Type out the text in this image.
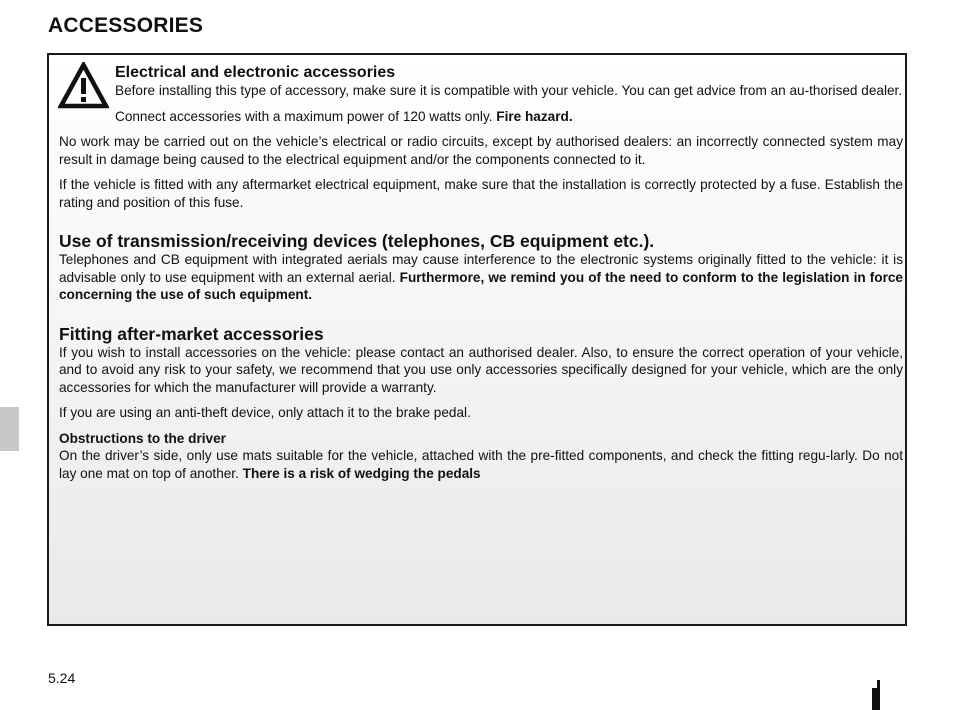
ACCESSORIES

Electrical and electronic accessories

Before installing this type of accessory, make sure it is compatible with your vehicle. You can get advice from an au-thorised dealer.

Connect accessories with a maximum power of 120 watts only. Fire hazard.

No work may be carried out on the vehicle’s electrical or radio circuits, except by authorised dealers: an incorrectly connected system may result in damage being caused to the electrical equipment and/or the components connected to it.

If the vehicle is fitted with any aftermarket electrical equipment, make sure that the installation is correctly protected by a fuse. Establish the rating and position of this fuse.

Use of transmission/receiving devices (telephones, CB equipment etc.).

Telephones and CB equipment with integrated aerials may cause interference to the electronic systems originally fitted to the vehicle: it is advisable only to use equipment with an external aerial. Furthermore, we remind you of the need to conform to the legislation in force concerning the use of such equipment.

Fitting after-market accessories

If you wish to install accessories on the vehicle: please contact an authorised dealer. Also, to ensure the correct operation of your vehicle, and to avoid any risk to your safety, we recommend that you use only accessories specifically designed for your vehicle, which are the only accessories for which the manufacturer will provide a warranty.

If you are using an anti-theft device, only attach it to the brake pedal.

Obstructions to the driver

On the driver’s side, only use mats suitable for the vehicle, attached with the pre-fitted components, and check the fitting regu-larly. Do not lay one mat on top of another. There is a risk of wedging the pedals

5.24
